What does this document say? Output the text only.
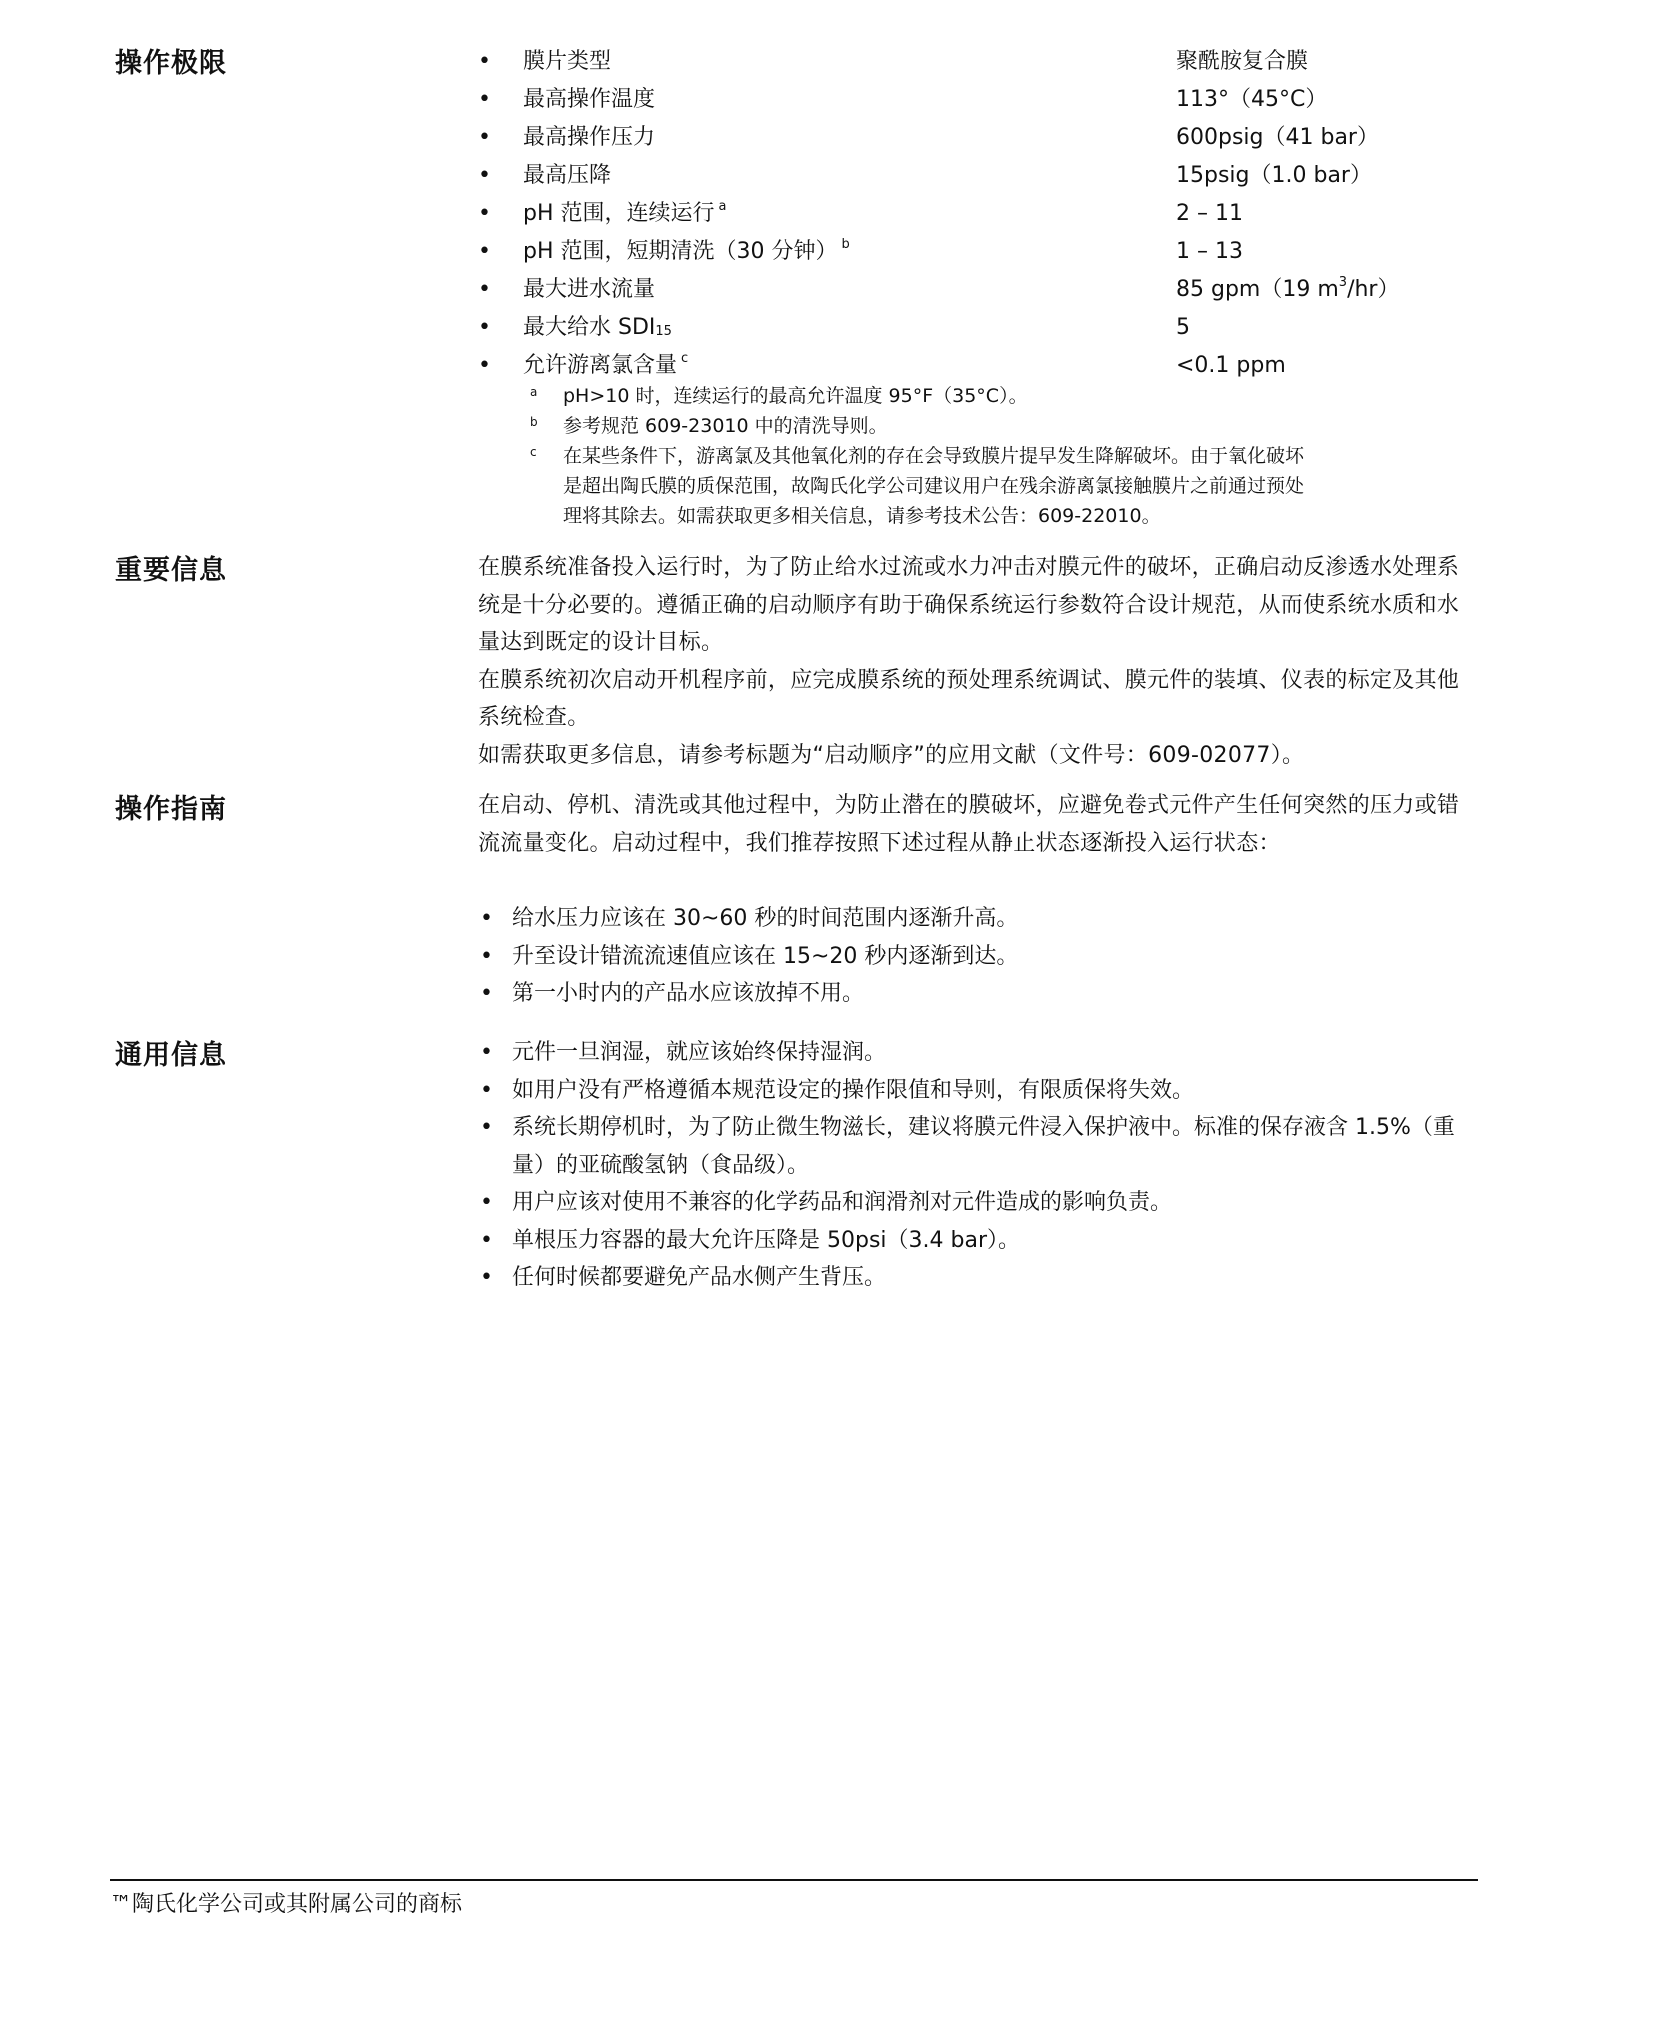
操作极限	•	膜片类型	聚酰胺复合膜
•	最高操作温度	113°（45°C）
•	最高操作压力	600psig（41 bar）
•	最高压降	15psig（1.0 bar）
•	pH 范围，连续运行 $^a$	2 – 11
•	pH 范围，短期清洗（30 分钟） $^b$	1 – 13
•	最大进水流量	85 gpm（19 $m^3/hr$）
•	最大给水 SDI15	5
•	允许游离氯含量 $^c$	<0.1 ppm
a pH>10 时，连续运行的最高允许温度 95°F（35°C）。
b 参考规范 609-23010 中的清洗导则。
c 在某些条件下，游离氯及其他氧化剂的存在会导致膜片提早发生降解破坏。由于氧化破坏
是超出陶氏膜的质保范围，故陶氏化学公司建议用户在残余游离氯接触膜片之前通过预处
理将其除去。如需获取更多相关信息，请参考技术公告：609-22010。
重要信息	在膜系统准备投入运行时，为了防止给水过流或水力冲击对膜元件的破坏，正确启动反渗透水处理系统是十分必要的。遵循正确的启动顺序有助于确保系统运行参数符合设计规范，从而使系统水质和水量达到既定的设计目标。

在膜系统初次启动开机程序前，应完成膜系统的预处理系统调试、膜元件的装填、仪表的标定及其他系统检查。

如需获取更多信息，请参考标题为“启动顺序”的应用文献（文件号：609-02077）。

操作指南	在启动、停机、清洗或其他过程中，为防止潜在的膜破坏，应避免卷式元件产生任何突然的压力或错流流量变化。启动过程中，我们推荐按照下述过程从静止状态逐渐投入运行状态：

• 给水压力应该在 30~60 秒的时间范围内逐渐升高。
• 升至设计错流流速值应该在 15~20 秒内逐渐到达。
• 第一小时内的产品水应该放掉不用。
通用信息
•	元件一旦润湿，就应该始终保持湿润。
• 如用户没有严格遵循本规范设定的操作限值和导则，有限质保将失效。
• 系统长期停机时，为了防止微生物滋长，建议将膜元件浸入保护液中。标准的保存液含 1.5%（重量）的亚硫酸氢钠（食品级）。
• 用户应该对使用不兼容的化学药品和润滑剂对元件造成的影响负责。
• 单根压力容器的最大允许压降是 50psi（3.4 bar）。
• 任何时候都要避免产品水侧产生背压。
™陶氏化学公司或其附属公司的商标
